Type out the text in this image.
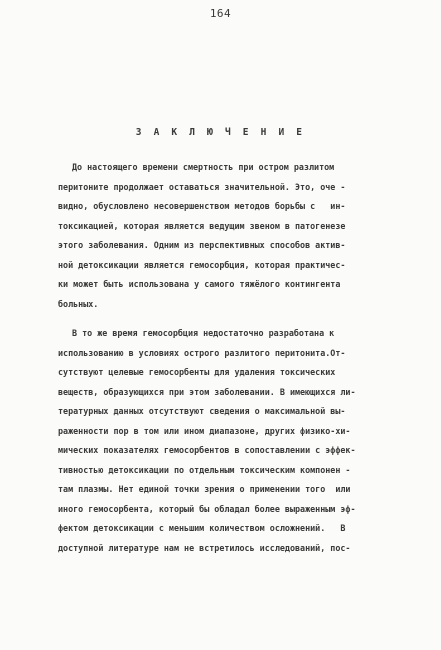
164
З А К Л Ю Ч Е Н И Е
До настоящего времени смертность при остром разлитом
перитоните продолжает оставаться значительной. Это, оче -
видно, обусловлено несовершенством методов борьбы с   ин-
токсикацией, которая является ведущим звеном в патогенезе
этого заболевания. Одним из перспективных способов актив-
ной детоксикации является гемосорбция, которая практичес-
ки может быть использована у самого тяжёлого контингента
больных.
В то же время гемосорбция недостаточно разработана к
использованию в условиях острого разлитого перитонита.От-
сутствуют целевые гемосорбенты для удаления токсических
веществ, образующихся при этом заболевании. В имеющихся ли-
тературных данных отсутствуют сведения о максимальной вы-
раженности пор в том или ином диапазоне, других физико-хи-
мических показателях гемосорбентов в сопоставлении с эффек-
тивностью детоксикации по отдельным токсическим компонен -
там плазмы. Нет единой точки зрения о применении того  или
иного гемосорбента, который бы обладал более выраженным эф-
фектом детоксикации с меньшим количеством осложнений.   В
доступной литературе нам не встретилось исследований, пос-
